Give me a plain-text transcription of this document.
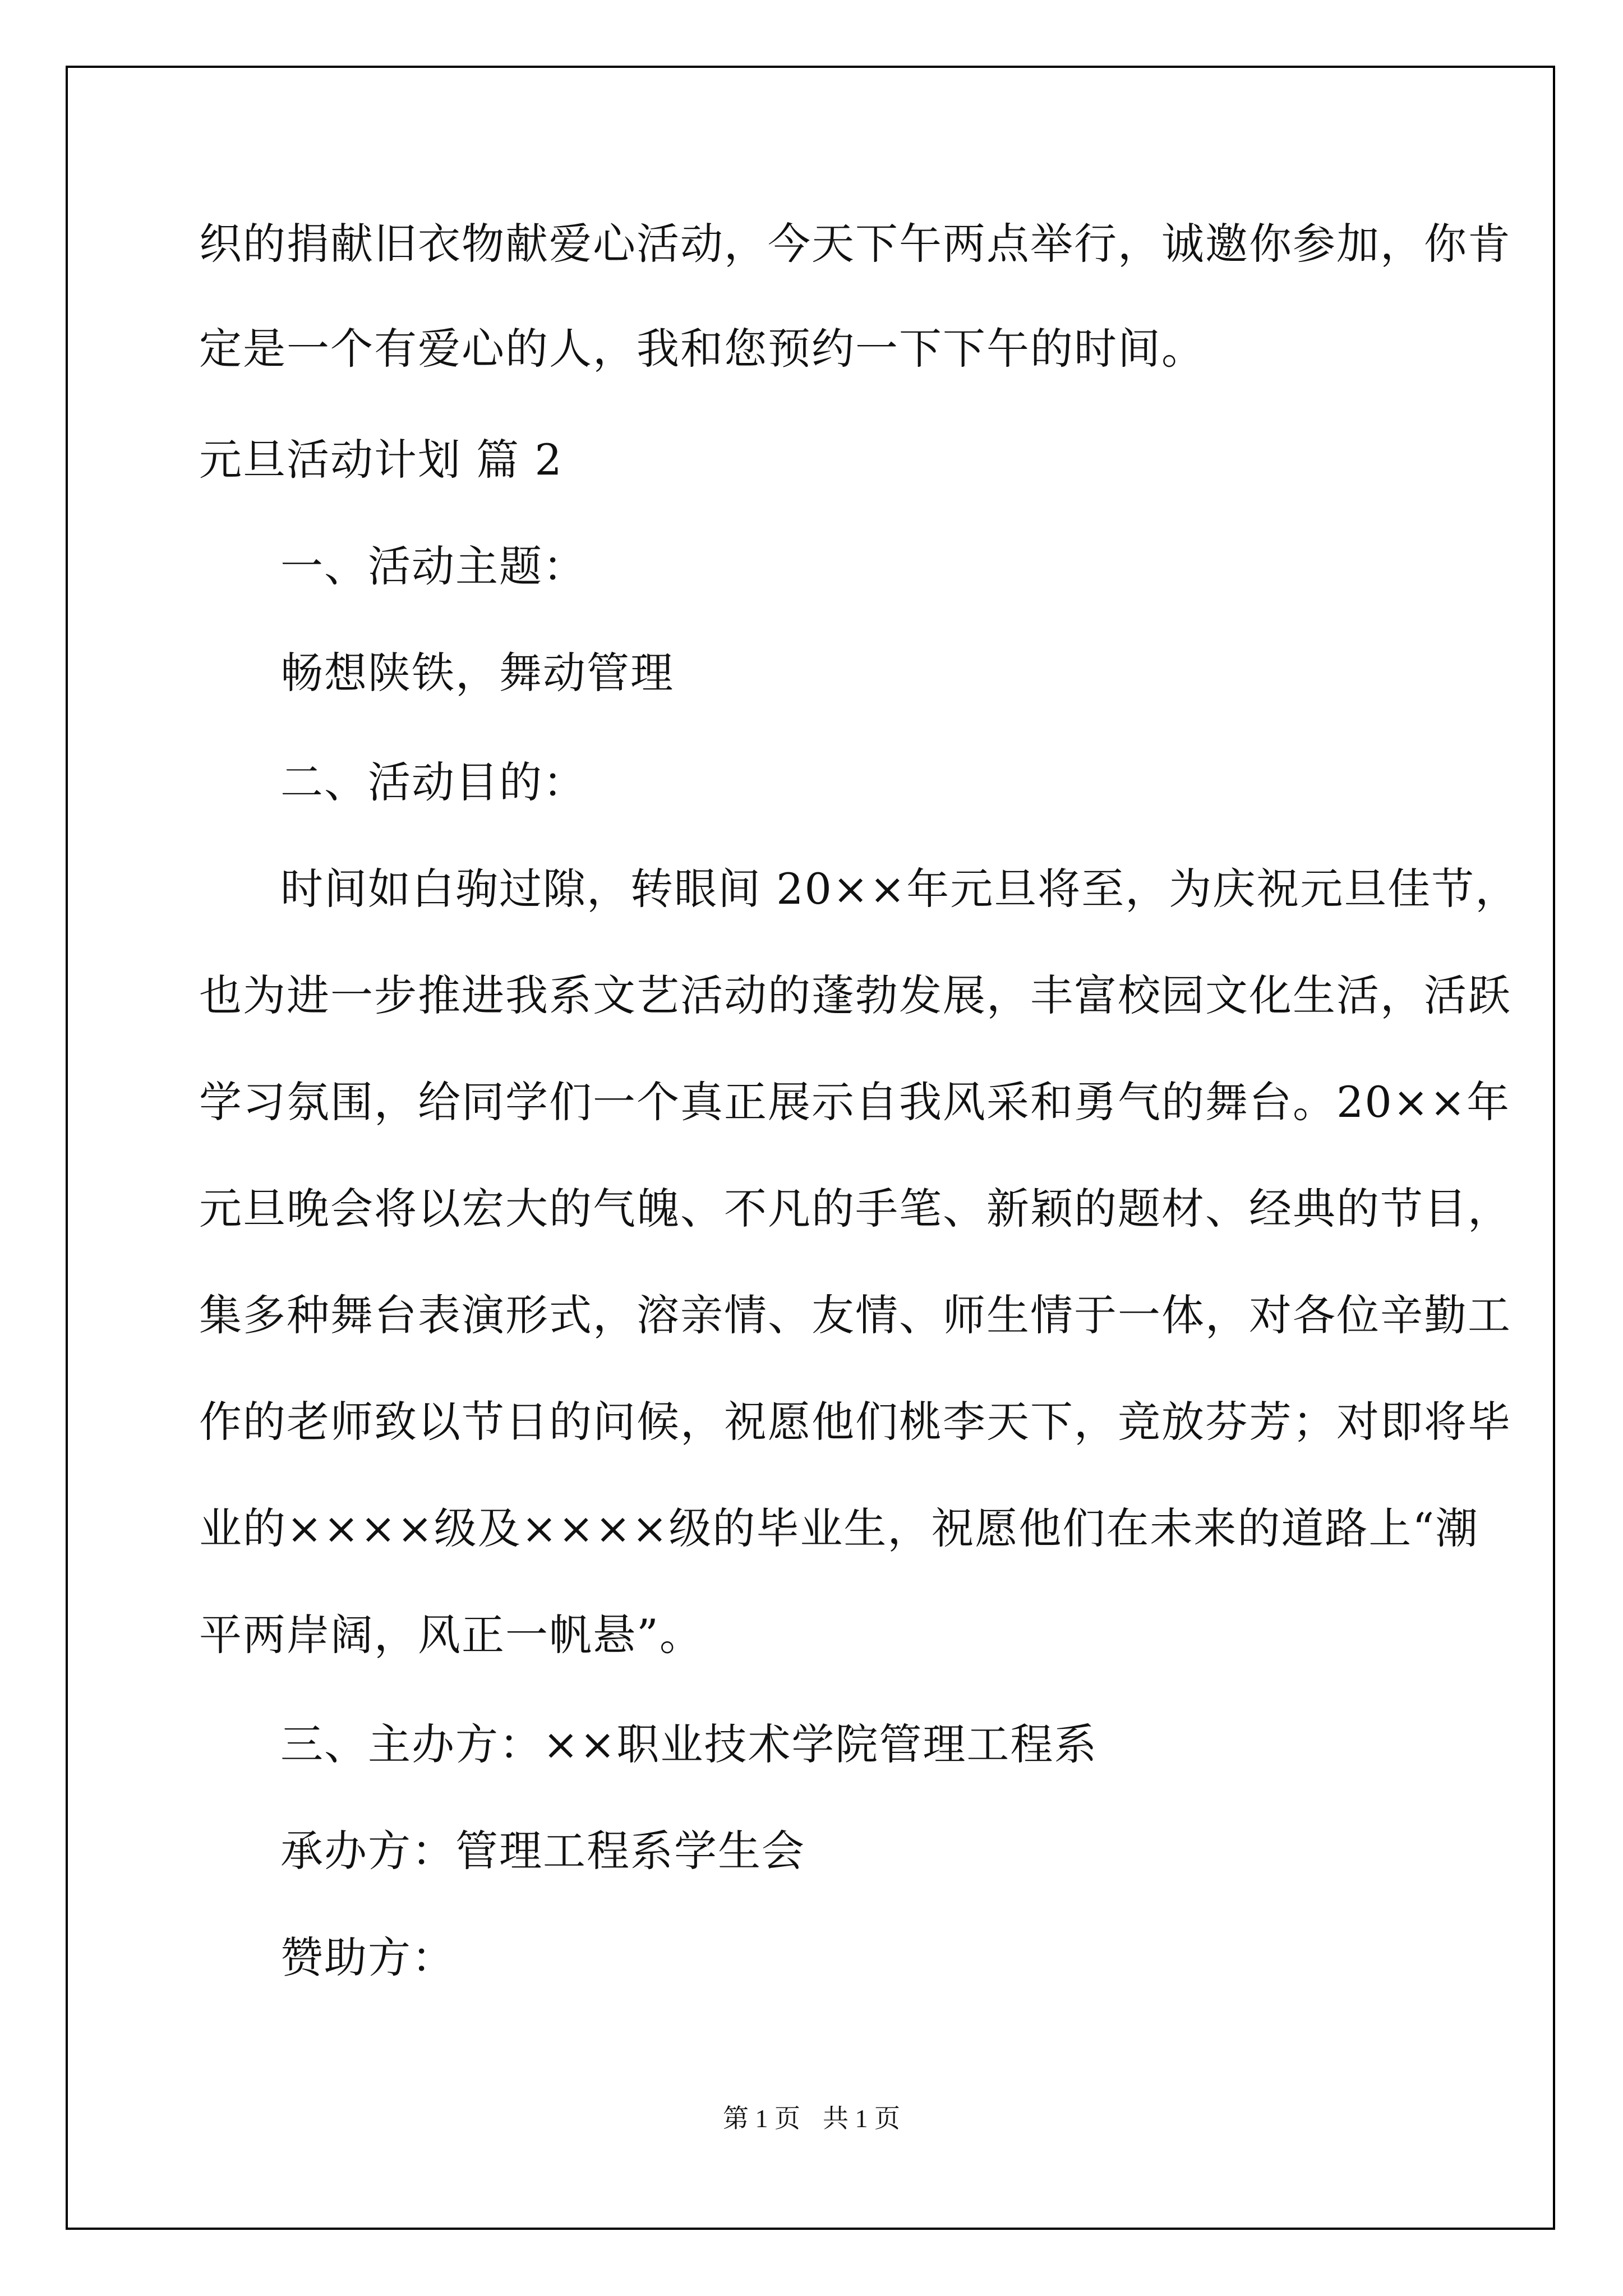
织的捐献旧衣物献爱心活动，今天下午两点举行，诚邀你参加，你肯
定是一个有爱心的人，我和您预约一下下午的时间。
元旦活动计划 篇 2
一、活动主题：
畅想陕铁，舞动管理
二、活动目的：
时间如白驹过隙，转眼间 20××年元旦将至，为庆祝元旦佳节，
也为进一步推进我系文艺活动的蓬勃发展，丰富校园文化生活，活跃
学习氛围，给同学们一个真正展示自我风采和勇气的舞台。20××年
元旦晚会将以宏大的气魄、不凡的手笔、新颖的题材、经典的节目，
集多种舞台表演形式，溶亲情、友情、师生情于一体，对各位辛勤工
作的老师致以节日的问候，祝愿他们桃李天下，竞放芬芳；对即将毕
业的××××级及××××级的毕业生，祝愿他们在未来的道路上“潮
平两岸阔，风正一帆悬”。
三、主办方：××职业技术学院管理工程系
承办方：管理工程系学生会
赞助方：
第 1 页 共 1 页
